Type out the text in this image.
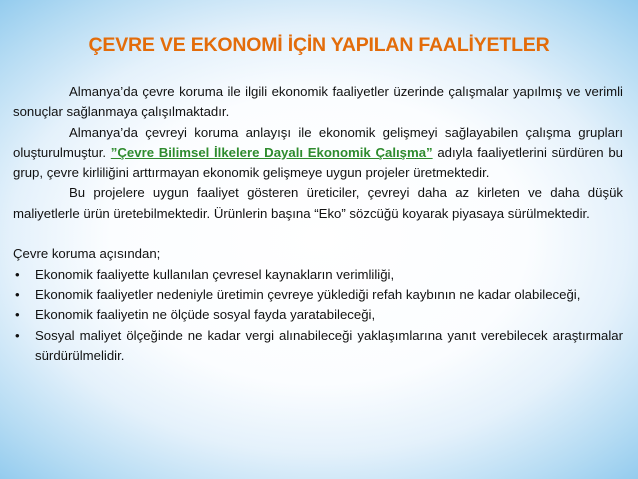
ÇEVRE VE EKONOMİ İÇİN YAPILAN FAALİYETLER

Almanya’da çevre koruma ile ilgili ekonomik faaliyetler üzerinde çalışmalar yapılmış ve verimli sonuçlar sağlanmaya çalışılmaktadır.

Almanya’da çevreyi koruma anlayışı ile ekonomik gelişmeyi sağlayabilen çalışma grupları oluşturulmuştur. ”Çevre Bilimsel İlkelere Dayalı Ekonomik Çalışma” adıyla faaliyetlerini sürdüren bu grup, çevre kirliliğini arttırmayan ekonomik gelişmeye uygun projeler üretmektedir.

Bu projelere uygun faaliyet gösteren üreticiler, çevreyi daha az kirleten ve daha düşük maliyetlerle ürün üretebilmektedir. Ürünlerin başına “Eko” sözcüğü koyarak piyasaya sürülmektedir.

Çevre koruma açısından;

• Ekonomik faaliyette kullanılan çevresel kaynakların verimliliği,
• Ekonomik faaliyetler nedeniyle üretimin çevreye yüklediği refah kaybının ne kadar olabileceği,
• Ekonomik faaliyetin ne ölçüde sosyal fayda yaratabileceği,
• Sosyal maliyet ölçeğinde ne kadar vergi alınabileceği yaklaşımlarına yanıt verebilecek araştırmalar sürdürülmelidir.
